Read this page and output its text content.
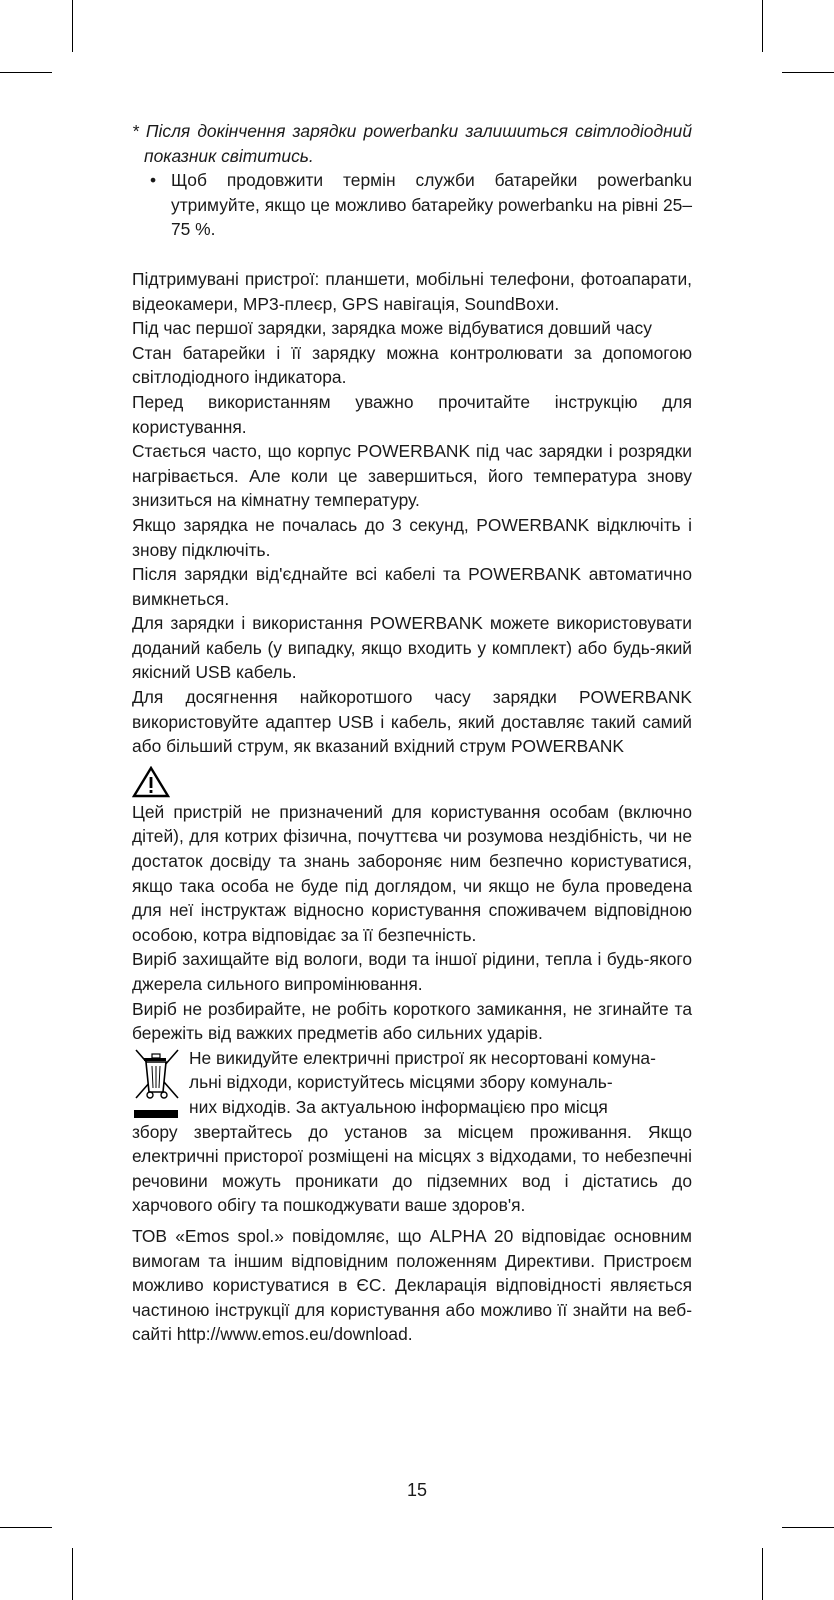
* Після докінчення зарядки powerbanku залишиться світлодіодний показник світитись.

• Щоб продовжити термін служби батарейки powerbanku утримуйте, якщо це можливо батарейку powerbanku на рівні 25–75 %.

Підтримувані пристрої: планшети, мобільні телефони, фотоапарати, відеокамери, MP3-плеєр, GPS навігація, SoundBoxи.

Під час першої зарядки, зарядка може відбуватися довший часу

Стан батарейки і її зарядку можна контролювати за допомогою світлодіодного індикатора.

Перед використанням уважно прочитайте інструкцію для користування.

Стається часто, що корпус POWERBANK під час зарядки і розрядки нагрівається. Але коли це завершиться, його температура знову знизиться на кімнатну температуру.

Якщо зарядка не почалась до 3 секунд, POWERBANK відключіть і знову підключіть.

Після зарядки від'єднайте всі кабелі та POWERBANK автоматично вимкнеться.

Для зарядки і використання POWERBANK можете використовувати доданий кабель (у випадку, якщо входить у комплект) або будь-який якісний USB кабель.

Для досягнення найкоротшого часу зарядки POWERBANK використовуйте адаптер USB і кабель, який доставляє такий самий або більший струм, як вказаний вхідний струм POWERBANK

Цей пристрій не призначений для користування особам (включно дітей), для котрих фізична, почуттєва чи розумова нездібність, чи не достаток досвіду та знань забороняє ним безпечно користуватися, якщо така особа не буде під доглядом, чи якщо не була проведена для неї інструктаж відносно користування споживачем відповідною особою, котра відповідає за її безпечність.

Виріб захищайте від вологи, води та іншої рідини, тепла і будь-якого джерела сильного випромінювання.

Виріб не розбирайте, не робіть короткого замикання, не згинайте та бережіть від важких предметів або сильних ударів.

Не викидуйте електричні пристрої як несортовані комуна-

льні відходи, користуйтесь місцями збору комуналь-

них відходів. За актуальною інформацією про місця

збору звертайтесь до установ за місцем проживання. Якщо електричні присторої розміщені на місцях з відходами, то небезпечні речовини можуть проникати до підземних вод і дістатись до харчового обігу та пошкоджувати ваше здоров'я.

ТОВ «Emos spol.» повідомляє, що ALPHA 20 відповідає основним вимогам та іншим відповідним положенням Директиви. Пристроєм можливо користуватися в ЄС. Декларація відповідності являється частиною інструкції для користування або можливо її знайти на веб-сайті http://www.emos.eu/download.

15
